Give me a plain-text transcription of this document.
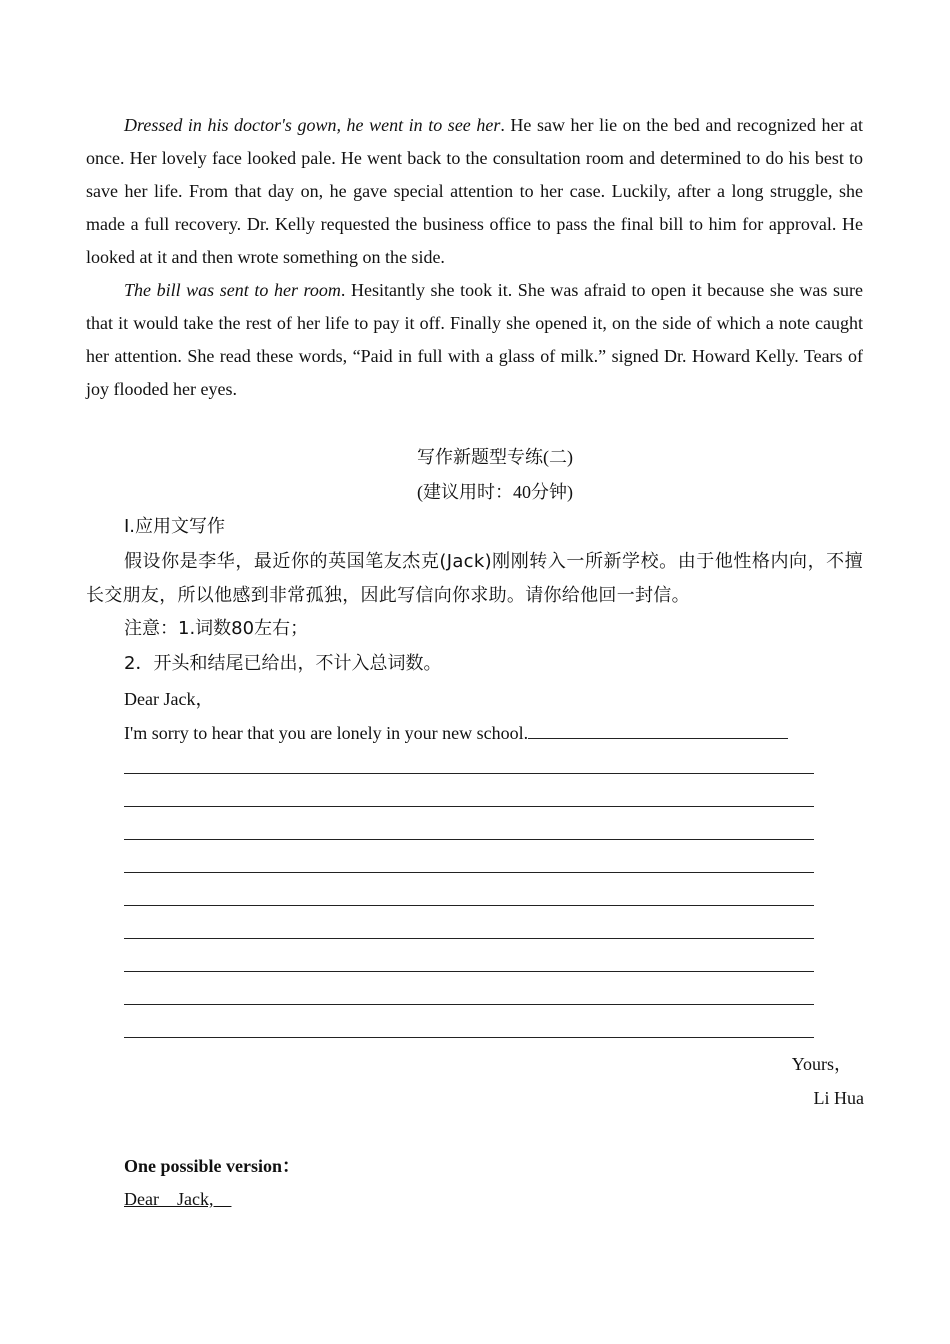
Dressed in his doctor's gown, he went in to see her. He saw her lie on the bed and recognized her at once. Her lovely face looked pale. He went back to the consultation room and determined to do his best to save her life. From that day on, he gave special attention to her case. Luckily, after a long struggle, she made a full recovery. Dr. Kelly requested the business office to pass the final bill to him for approval. He looked at it and then wrote something on the side.

The bill was sent to her room. Hesitantly she took it. She was afraid to open it because she was sure that it would take the rest of her life to pay it off. Finally she opened it, on the side of which a note caught her attention. She read these words, “Paid in full with a glass of milk.” signed Dr. Howard Kelly. Tears of joy flooded her eyes.

写作新题型专练(二)
(建议用时：40分钟)
Ⅰ.应用文写作
假设你是李华，最近你的英国笔友杰克(Jack)刚刚转入一所新学校。由于他性格内向，不擅长交朋友，所以他感到非常孤独，因此写信向你求助。请你给他回一封信。
注意：1.词数80左右；
2．开头和结尾已给出，不计入总词数。
Dear Jack，
I'm sorry to hear that you are lonely in your new school.
Yours，
Li Hua
One possible version：
Dear    Jack,
